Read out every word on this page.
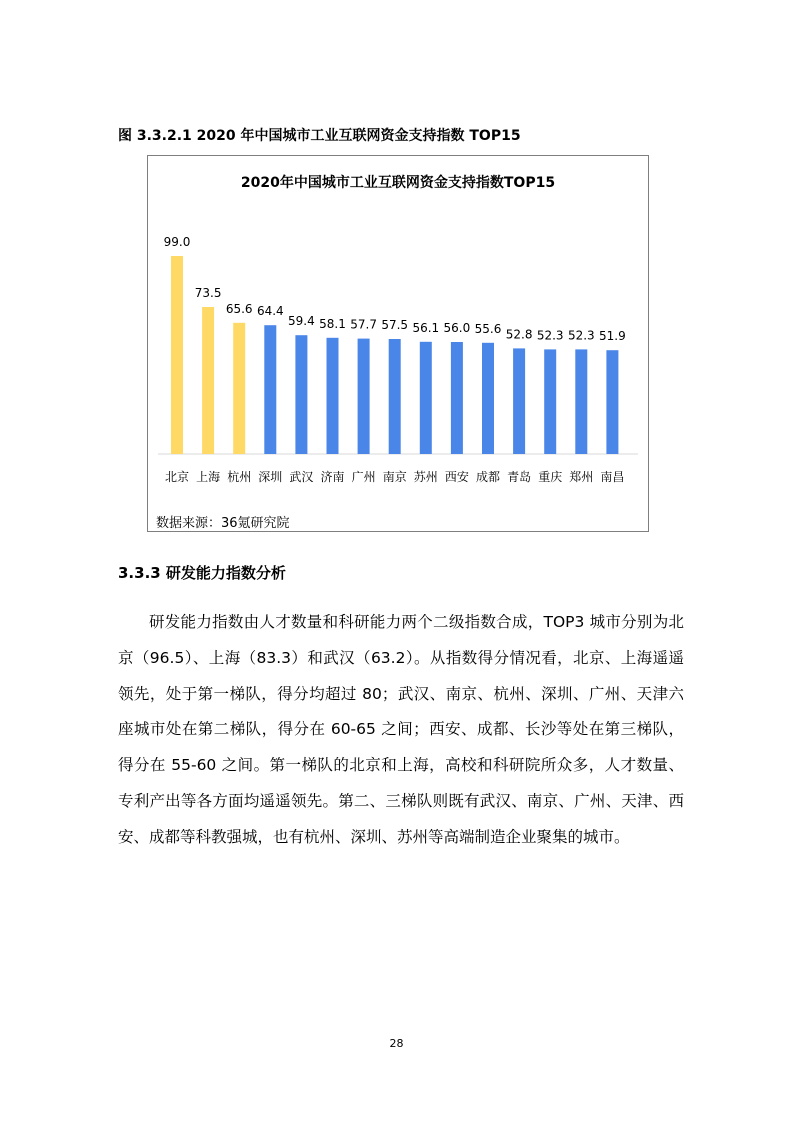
图 3.3.2.1 2020 年中国城市工业互联网资金支持指数 TOP15
2020年中国城市工业互联网资金支持指数TOP15
99.0
北京
73.5
上海
65.6
杭州
64.4
深圳
59.4
武汉
58.1
济南
57.7
广州
57.5
南京
56.1
苏州
56.0
西安
55.6
成都
52.8
青岛
52.3
重庆
52.3
郑州
51.9
南昌
数据来源：36氪研究院
3.3.3 研发能力指数分析

研发能力指数由人才数量和科研能力两个二级指数合成，TOP3 城市分别为北京（96.5）、上海（83.3）和武汉（63.2）。从指数得分情况看，北京、上海遥遥领先，处于第一梯队，得分均超过 80；武汉、南京、杭州、深圳、广州、天津六座城市处在第二梯队，得分在 60-65 之间；西安、成都、长沙等处在第三梯队，得分在 55-60 之间。第一梯队的北京和上海，高校和科研院所众多，人才数量、专利产出等各方面均遥遥领先。第二、三梯队则既有武汉、南京、广州、天津、西安、成都等科教强城，也有杭州、深圳、苏州等高端制造企业聚集的城市。

28
